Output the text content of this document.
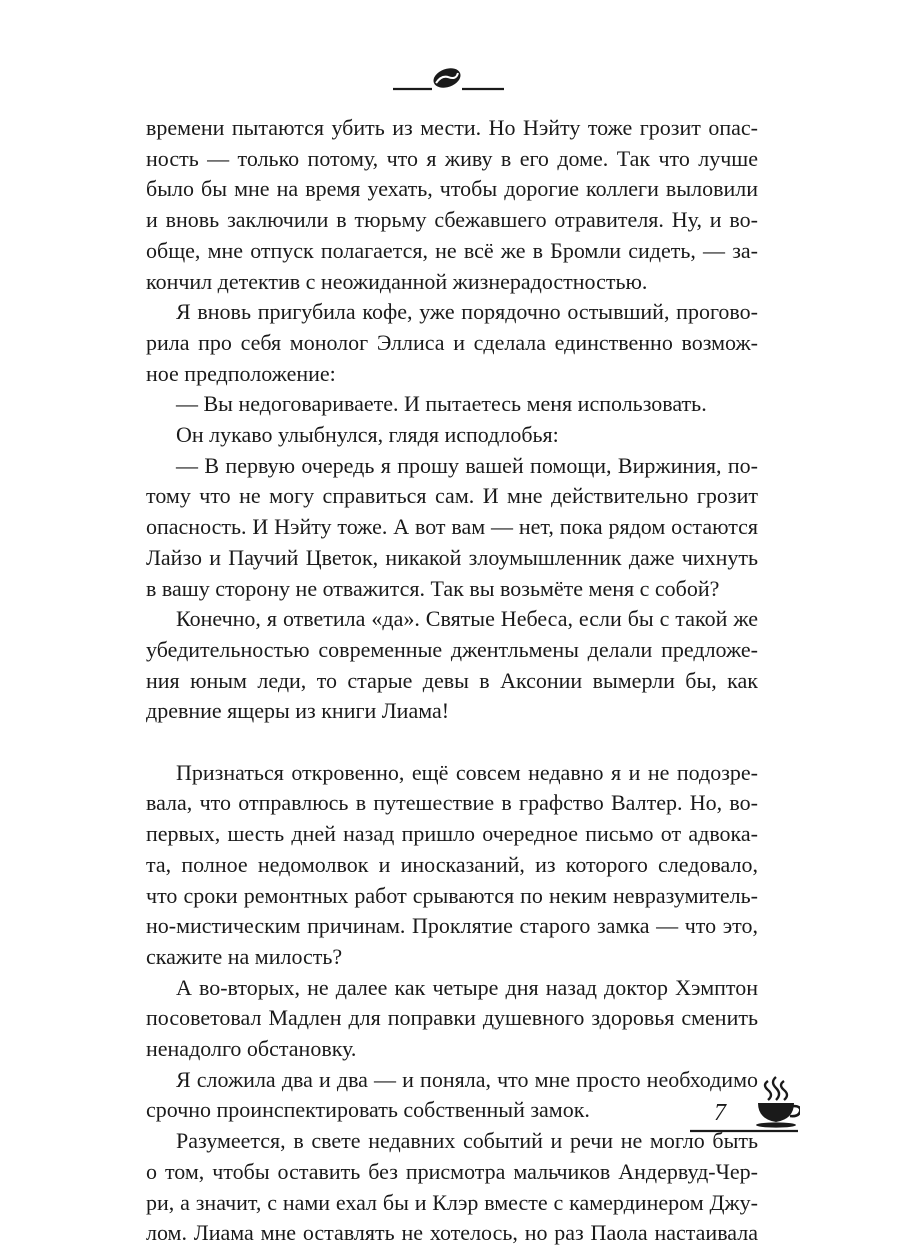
времени пытаются убить из мести. Но Нэйту тоже грозит опас-
ность — только потому, что я живу в его доме. Так что лучше
было бы мне на время уехать, чтобы дорогие коллеги выловили
и вновь заключили в тюрьму сбежавшего отравителя. Ну, и во-
обще, мне отпуск полагается, не всё же в Бромли сидеть, — за-
кончил детектив с неожиданной жизнерадостностью.
Я вновь пригубила кофе, уже порядочно остывший, прогово-
рила про себя монолог Эллиса и сделала единственно возмож-
ное предположение:
— Вы недоговариваете. И пытаетесь меня использовать.
Он лукаво улыбнулся, глядя исподлобья:
— В первую очередь я прошу вашей помощи, Виржиния, по-
тому что не могу справиться сам. И мне действительно грозит
опасность. И Нэйту тоже. А вот вам — нет, пока рядом остаются
Лайзо и Паучий Цветок, никакой злоумышленник даже чихнуть
в вашу сторону не отважится. Так вы возьмёте меня с собой?
Конечно, я ответила «да». Святые Небеса, если бы с такой же
убедительностью современные джентльмены делали предложе-
ния юным леди, то старые девы в Аксонии вымерли бы, как
древние ящеры из книги Лиама!
Признаться откровенно, ещё совсем недавно я и не подозре-
вала, что отправлюсь в путешествие в графство Валтер. Но, во-
первых, шесть дней назад пришло очередное письмо от адвока-
та, полное недомолвок и иносказаний, из которого следовало,
что сроки ремонтных работ срываются по неким невразумитель-
но-мистическим причинам. Проклятие старого замка — что это,
скажите на милость?
А во-вторых, не далее как четыре дня назад доктор Хэмптон
посоветовал Мадлен для поправки душевного здоровья сменить
ненадолго обстановку.
Я сложила два и два — и поняла, что мне просто необходимо
срочно проинспектировать собственный замок.
Разумеется, в свете недавних событий и речи не могло быть
о том, чтобы оставить без присмотра мальчиков Андервуд-Чер-
ри, а значит, с нами ехал бы и Клэр вместе с камердинером Джу-
лом. Лиама мне оставлять не хотелось, но раз Паола настаивала
7
